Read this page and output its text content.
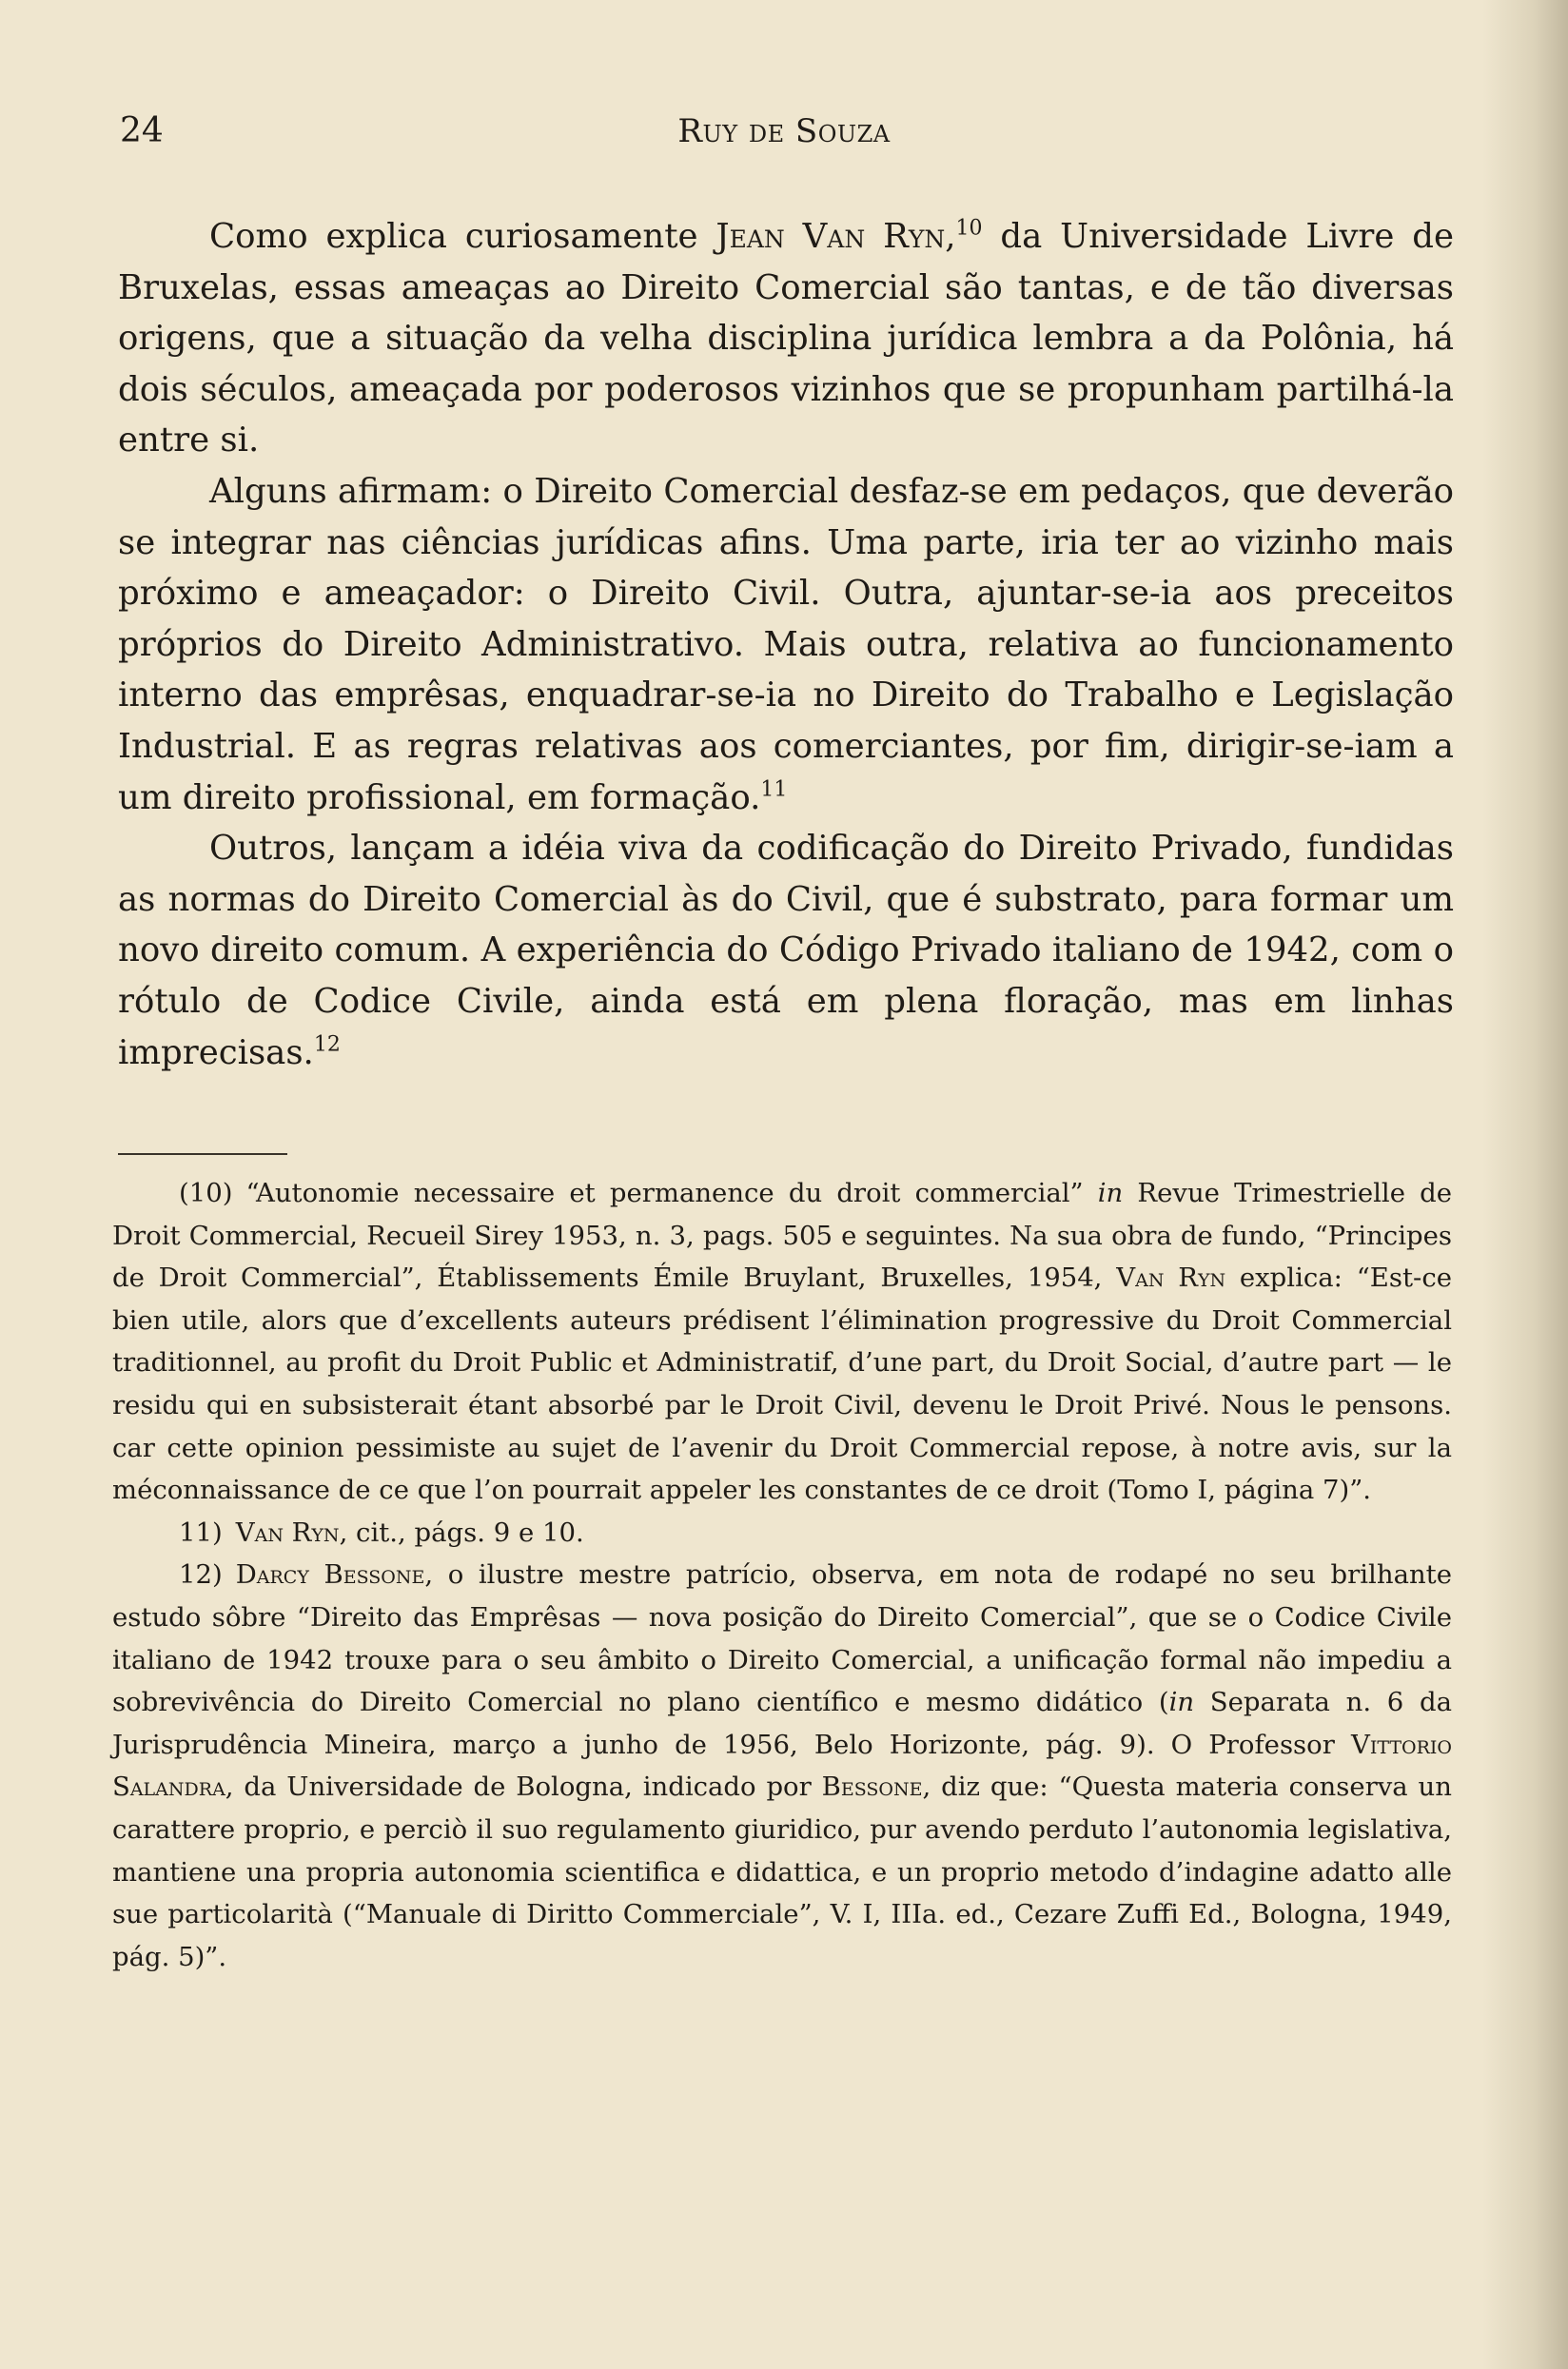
24	Ruy de Souza

Como explica curiosamente Jean Van Ryn,$^{10}$ da Universidade Livre de Bruxelas, essas ameaças ao Direito Comercial são tantas, e de tão diversas origens, que a situação da velha disciplina jurídica lembra a da Polônia, há dois séculos, ameaçada por poderosos vizinhos que se propunham partilhá-la entre si.

Alguns afirmam: o Direito Comercial desfaz-se em pedaços, que deverão se integrar nas ciências jurídicas afins. Uma parte, iria ter ao vizinho mais próximo e ameaçador: o Direito Civil. Outra, ajuntar-se-ia aos preceitos próprios do Direito Administrativo. Mais outra, relativa ao funcionamento interno das emprêsas, enquadrar-se-ia no Direito do Trabalho e Legislação Industrial. E as regras relativas aos comerciantes, por fim, dirigir-se-iam a um direito profissional, em formação.$^{11}$

Outros, lançam a idéia viva da codificação do Direito Privado, fundidas as normas do Direito Comercial às do Civil, que é substrato, para formar um novo direito comum. A experiência do Código Privado italiano de 1942, com o rótulo de Codice Civile, ainda está em plena floração, mas em linhas imprecisas.$^{12}$

(10) “Autonomie necessaire et permanence du droit commercial” in Revue Trimestrielle de Droit Commercial, Recueil Sirey 1953, n. 3, pags. 505 e seguintes. Na sua obra de fundo, “Principes de Droit Commercial”, Établissements Émile Bruylant, Bruxelles, 1954, Van Ryn explica: “Est-ce bien utile, alors que d’excellents auteurs prédisent l’élimination progressive du Droit Commercial traditionnel, au profit du Droit Public et Administratif, d’une part, du Droit Social, d’autre part — le residu qui en subsisterait étant absorbé par le Droit Civil, devenu le Droit Privé. Nous le pensons. car cette opinion pessimiste au sujet de l’avenir du Droit Commercial repose, à notre avis, sur la méconnaissance de ce que l’on pourrait appeler les constantes de ce droit (Tomo I, página 7)”.

11) Van Ryn, cit., págs. 9 e 10.

12) Darcy Bessone, o ilustre mestre patrício, observa, em nota de rodapé no seu brilhante estudo sôbre “Direito das Emprêsas — nova posição do Direito Comercial”, que se o Codice Civile italiano de 1942 trouxe para o seu âmbito o Direito Comercial, a unificação formal não impediu a sobrevivência do Direito Comercial no plano científico e mesmo didático (in Separata n. 6 da Jurisprudência Mineira, março a junho de 1956, Belo Horizonte, pág. 9). O Professor Vittorio Salandra, da Universidade de Bologna, indicado por Bessone, diz que: “Questa materia conserva un carattere proprio, e perciò il suo regulamento giuridico, pur avendo perduto l’autonomia legislativa, mantiene una propria autonomia scientifica e didattica, e un proprio metodo d’indagine adatto alle sue particolarità (“Manuale di Diritto Commerciale”, V. I, IIIa. ed., Cezare Zuffi Ed., Bologna, 1949, pág. 5)”.
